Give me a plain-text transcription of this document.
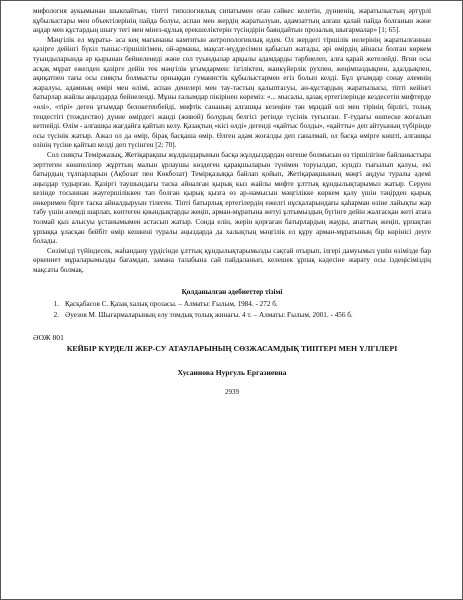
мифология аукымынан шыкпайтын, тінтті типологиялық сипатымен оған сәйкес келетін, дүниенің, жаратылыстың әртүрлі құбылыстары мен объектілерінің пайда болуы, аспан мен жердің жаратылуын, адамзаттың алғаш қалай пайда болғанын және аңдар мен құстардың шығу тегі мен мінез-құлық ерекшеліктерін түсіндірін баяндайтын прозалық шығармалар» [1; 65].

Мәңгілік ел мұраты- аса кең мағынаны камтитын антропологиялық идея. Ол жердегі тіршілік иелерінің жаратылғаннан қазірге дейінгі бүкіл тыныс-тіршілігімен, ой-арманы, мақсат-мүддесімен қабысып жатады, әрі өмірдің айнасы болған көркем туындыларында әр қырынан бейнеленеді және сол туындылар арқылы адамдарды тәрбиелеп, алға қарай жетелейді. Яғни осы асқақ мұрат ежелден қазірге дейін тек мәңгілік ұғымдармен: ізгіліктен, жанкүйерлік рухпен, жеңімпаздықпен, адалдықпен, ақиқатпен тағы осы сияқты болмысты орныққан гуманистік құбылыстармен егіз болып келді. Бұл ұғымдар сонау әлемнің жаралуы, адамның өмірі мен өлімі, аспан денелері мен тау-тастың қалыптасуы, ан-құстардың жаратылысы, тіпті кейінгі батырлар жайлы аңыздарда бейнеленді. Мұны ғалымдар пікірінен көреміз: «... мысалы, қазақ ертегілерінде кездесетін мифтерде «өлі», «тірі» деген ұғымдар белокетенбейді, мифтік сананың алғашқы кезеңіне тән мұндай өлі мен тірінің бірлігі, толық тендестігі (тождество) дүние өмірдегі жанді (живой) болудың белгісі ретінде түсінік туғызған. Ғ-тудағы өшпеске жоғалып кетпейді. Өлім - алғашқы жағдайға қайтып келу. Қазақтың «кісі өлді» дегенді «қайтыс болды», «қайтты» деп айтуының түбірінде осы түсінік жатыр. Ажал ол да өмір, бірақ басқаша өмір. Өлген адам жоғалды деп саналмай, ол басқа өмірге көшті, алғашқы өзінің түсіне қайтып келді деп түсінген [2; 70].

Сол сияқты Теміржазық, Жетіқарақшы жұлдыздарынын басқа жұлдыздардан өзгеше болмысын өз тіршілігіне байланыстыра зерттеген көшпелілер жұрттың малын ұрлаушы көздеген қарақшыларын түнімен торуылдап, күндіз тығылып қалуы, екі батырдың тұлпарларын (Ақбозат пен Көкбозат) Темірқазыққа байлап қойып, Жетіқарақшының мәңгі аңдуы туралы әдемі аңыздар тудырған. Қазіргі таушындағы таска айналған қырық кыз жайлы мифте ұлттық құндылықтарымыз жатыр. Серуен кезінде тосыннан жаугершіліккен тап болған қырық қызға өз ар-намысын мәңгілікке көркем қалу үшін тәңірден қырық нөкеримен бірге таска айналдыруын тілеген. Тіпті батырлық ертегілердің ежелгі нұсқаларындағы қаһарман өзіне лайықты жар табу үшін әлемді шарлап, көптеген қиындықтарды жеңіп, арман-мұратына жетуі ұлтымыздың бүгінге дейін жалғасқан жеті атаға толмай қыз алысуы ұстанымымен астасып жатыр. Сонда елін, жерін қорғаған батырлардың жауды, апаттың жеңіп, ұрпақтан ұрпаққа ұласқан бейбіт өмір кешкені туралы аңыздарда да халықтың мәңгілік ел құру арман-мұратының бір көрінісі деуге болады.

Сөзімізді түйіндесек, жаһандану үрдісінде ұлттық құндылықтарымызды сақтай отырып, ілгері дамуымыз үшін өзіміздe бар өркениет мұраларымызды бағамдап, заманa талабына сай пайдаланып, келешек ұрпақ кәдесіне жарату осы іздеңісіміздің мақсаты болмақ.

Қолданылған әдебиеттер тізімі
1. Қасқабасов С. Қазақ халық прозасы. – Алматы: Ғылым, 1984. - 272 б.
2. Әуезов М. Шығармаларының елу томдық толық жинағы. 4 т. – Алматы: Ғылым, 2001. - 456 б.
ӘОЖ 801
КЕЙБІР КҮРДЕЛІ ЖЕР-СУ АТАУЛАРЫНЫҢ СӨЗЖАСАМДЫҚ ТИПТЕРІ МЕН ҮЛГІЛЕРІ
Хусаинова Нургуль Ергазиевна
2939
